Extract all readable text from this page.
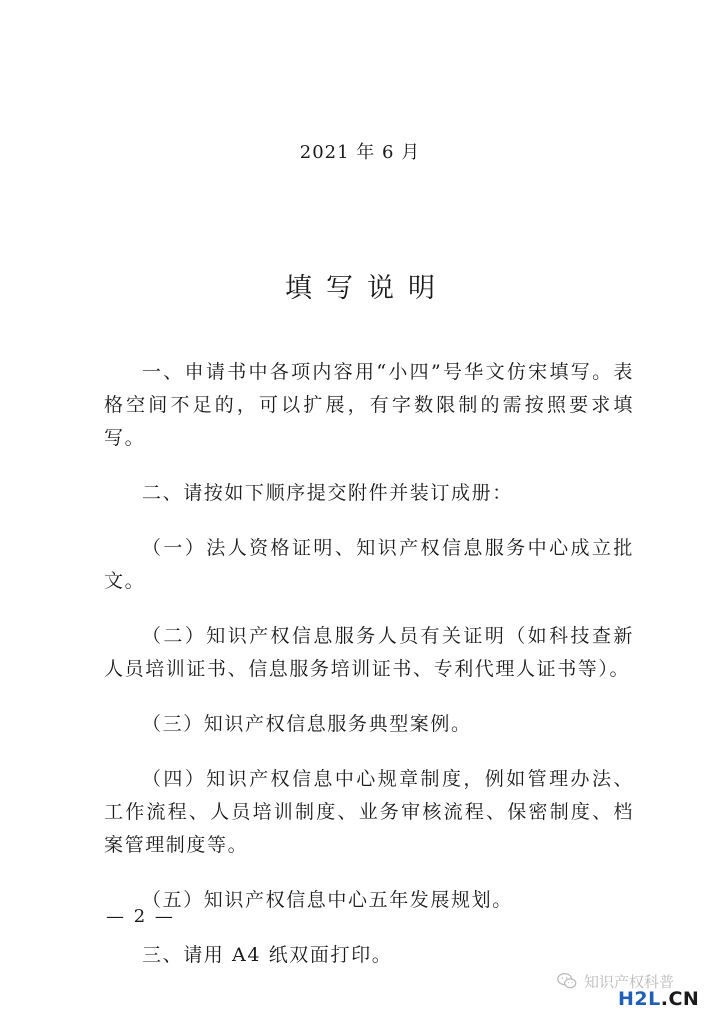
2021 年 6 月
填写说明

一、申请书中各项内容用“小四”号华文仿宋填写。表格空间不足的，可以扩展，有字数限制的需按照要求填写。

二、请按如下顺序提交附件并装订成册：

（一）法人资格证明、知识产权信息服务中心成立批文。

（二）知识产权信息服务人员有关证明（如科技查新人员培训证书、信息服务培训证书、专利代理人证书等）。

（三）知识产权信息服务典型案例。

（四）知识产权信息中心规章制度，例如管理办法、工作流程、人员培训制度、业务审核流程、保密制度、档案管理制度等。

（五）知识产权信息中心五年发展规划。

三、请用 A4 纸双面打印。

— 2 —
知识产权科普
H2L.CN
